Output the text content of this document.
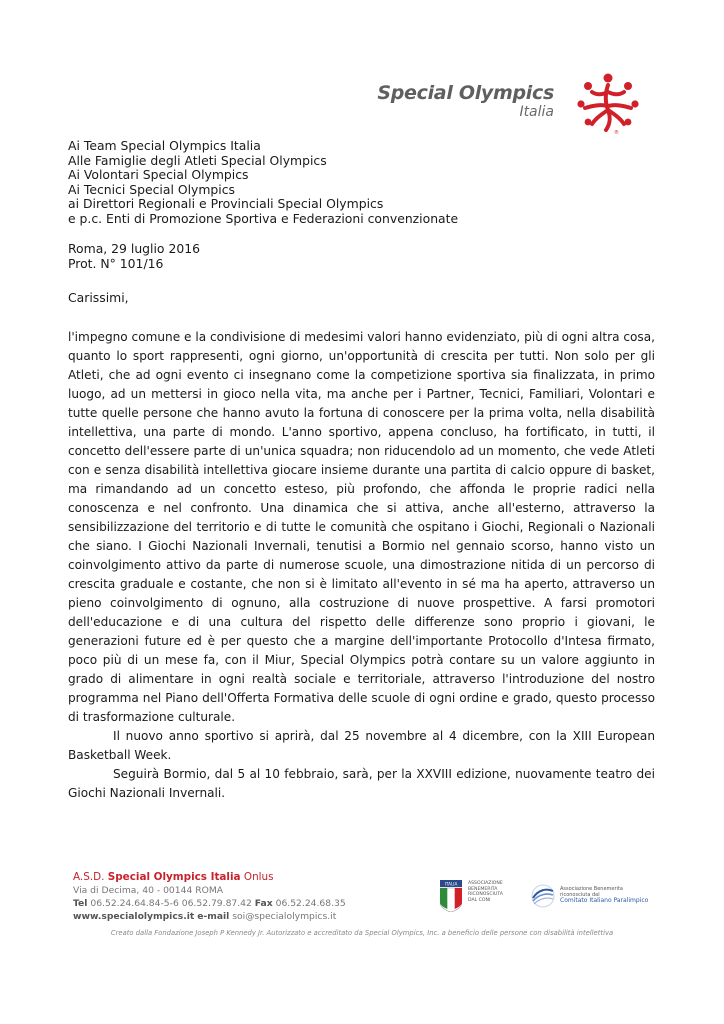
Special Olympics
Italia
®
Ai Team Special Olympics Italia
Alle Famiglie degli Atleti Special Olympics
Ai Volontari Special Olympics
Ai Tecnici Special Olympics
ai Direttori Regionali e Provinciali Special Olympics
e p.c. Enti di Promozione Sportiva e Federazioni convenzionate
Roma, 29 luglio 2016
Prot. N° 101/16
Carissimi,

l'impegno comune e la condivisione di medesimi valori hanno evidenziato, più di ogni altra cosa, quanto lo sport rappresenti, ogni giorno, un'opportunità di crescita per tutti. Non solo per gli Atleti, che ad ogni evento ci insegnano come la competizione sportiva sia finalizzata, in primo luogo, ad un mettersi in gioco nella vita, ma anche per i Partner, Tecnici, Familiari, Volontari e tutte quelle persone che hanno avuto la fortuna di conoscere per la prima volta, nella disabilità intellettiva, una parte di mondo. L'anno sportivo, appena concluso, ha fortificato, in tutti, il concetto dell'essere parte di un'unica squadra; non riducendolo ad un momento, che vede Atleti con e senza disabilità intellettiva giocare insieme durante una partita di calcio oppure di basket, ma rimandando ad un concetto esteso, più profondo, che affonda le proprie radici nella conoscenza e nel confronto. Una dinamica che si attiva, anche all'esterno, attraverso la sensibilizzazione del territorio e di tutte le comunità che ospitano i Giochi, Regionali o Nazionali che siano. I Giochi Nazionali Invernali, tenutisi a Bormio nel gennaio scorso, hanno visto un coinvolgimento attivo da parte di numerose scuole, una dimostrazione nitida di un percorso di crescita graduale e costante, che non si è limitato all'evento in sé ma ha aperto, attraverso un pieno coinvolgimento di ognuno, alla costruzione di nuove prospettive. A farsi promotori dell'educazione e di una cultura del rispetto delle differenze sono proprio i giovani, le generazioni future ed è per questo che a margine dell'importante Protocollo d'Intesa firmato, poco più di un mese fa, con il Miur, Special Olympics potrà contare su un valore aggiunto in grado di alimentare in ogni realtà sociale e territoriale, attraverso l'introduzione del nostro programma nel Piano dell'Offerta Formativa delle scuole di ogni ordine e grado, questo processo di trasformazione culturale.

Il nuovo anno sportivo si aprirà, dal 25 novembre al 4 dicembre, con la XIII European Basketball Week.

Seguirà Bormio, dal 5 al 10 febbraio, sarà, per la XXVIII edizione, nuovamente teatro dei Giochi Nazionali Invernali.

A.S.D. Special Olympics Italia Onlus
Via di Decima, 40 - 00144 ROMA
Tel 06.52.24.64.84-5-6 06.52.79.87.42 Fax 06.52.24.68.35
www.specialolympics.it e-mail soi@specialolympics.it
ITALIA ASSOCIAZIONE
BENEMERITA
RICONOSCIUTA
DAL CONI
Associazione Benemerita
riconosciuta dal
Comitato Italiano Paralimpico
Creato dalla Fondazione Joseph P Kennedy Jr. Autorizzato e accreditato da Special Olympics, Inc. a beneficio delle persone con disabilità intellettiva
